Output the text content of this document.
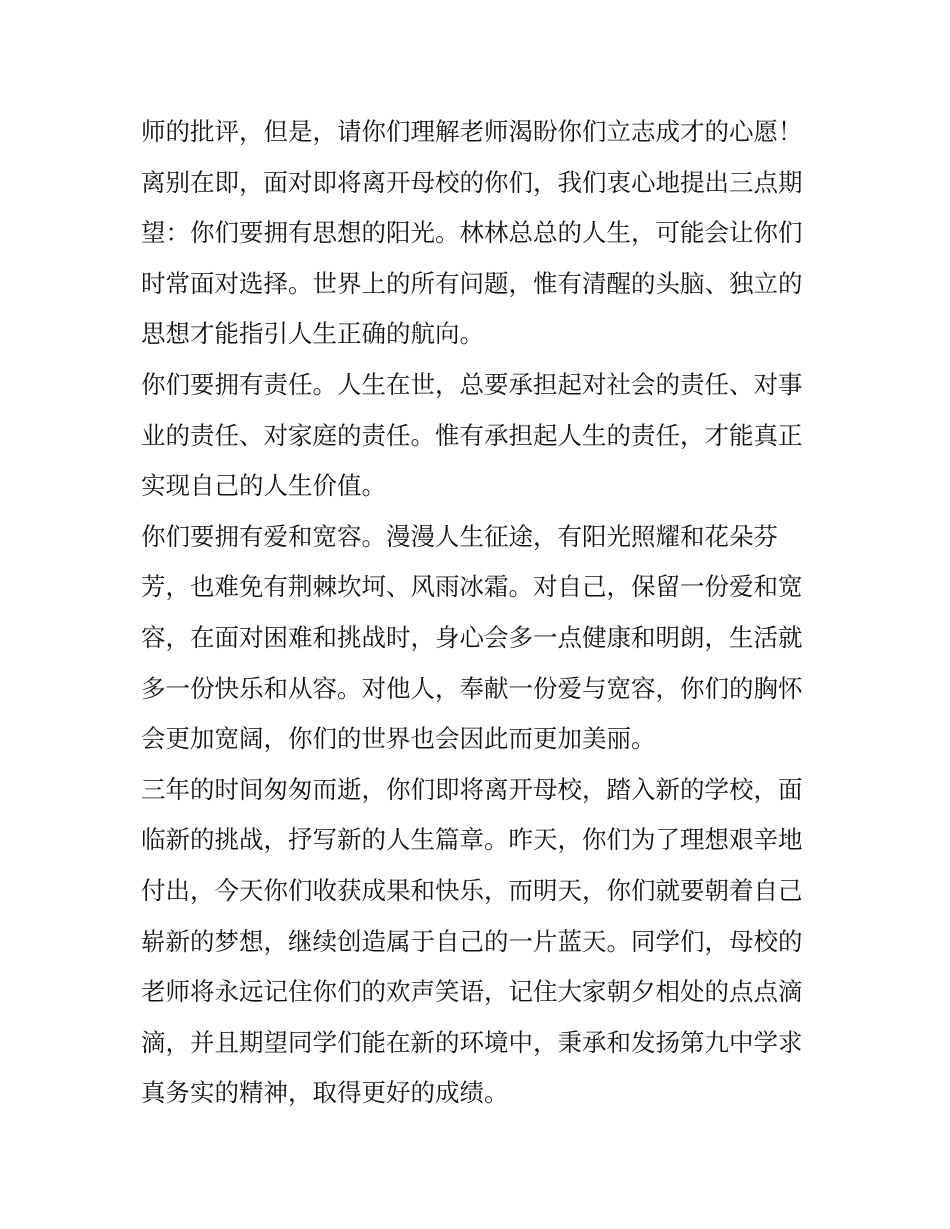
师的批评，但是，请你们理解老师渴盼你们立志成才的心愿！
离别在即，面对即将离开母校的你们，我们衷心地提出三点期
望：你们要拥有思想的阳光。林林总总的人生，可能会让你们
时常面对选择。世界上的所有问题，惟有清醒的头脑、独立的
思想才能指引人生正确的航向。
你们要拥有责任。人生在世，总要承担起对社会的责任、对事
业的责任、对家庭的责任。惟有承担起人生的责任，才能真正
实现自己的人生价值。
你们要拥有爱和宽容。漫漫人生征途，有阳光照耀和花朵芬
芳，也难免有荆棘坎坷、风雨冰霜。对自己，保留一份爱和宽
容，在面对困难和挑战时，身心会多一点健康和明朗，生活就
多一份快乐和从容。对他人，奉献一份爱与宽容，你们的胸怀
会更加宽阔，你们的世界也会因此而更加美丽。
三年的时间匆匆而逝，你们即将离开母校，踏入新的学校，面
临新的挑战，抒写新的人生篇章。昨天，你们为了理想艰辛地
付出，今天你们收获成果和快乐，而明天，你们就要朝着自己
崭新的梦想，继续创造属于自己的一片蓝天。同学们，母校的
老师将永远记住你们的欢声笑语，记住大家朝夕相处的点点滴
滴，并且期望同学们能在新的环境中，秉承和发扬第九中学求
真务实的精神，取得更好的成绩。
